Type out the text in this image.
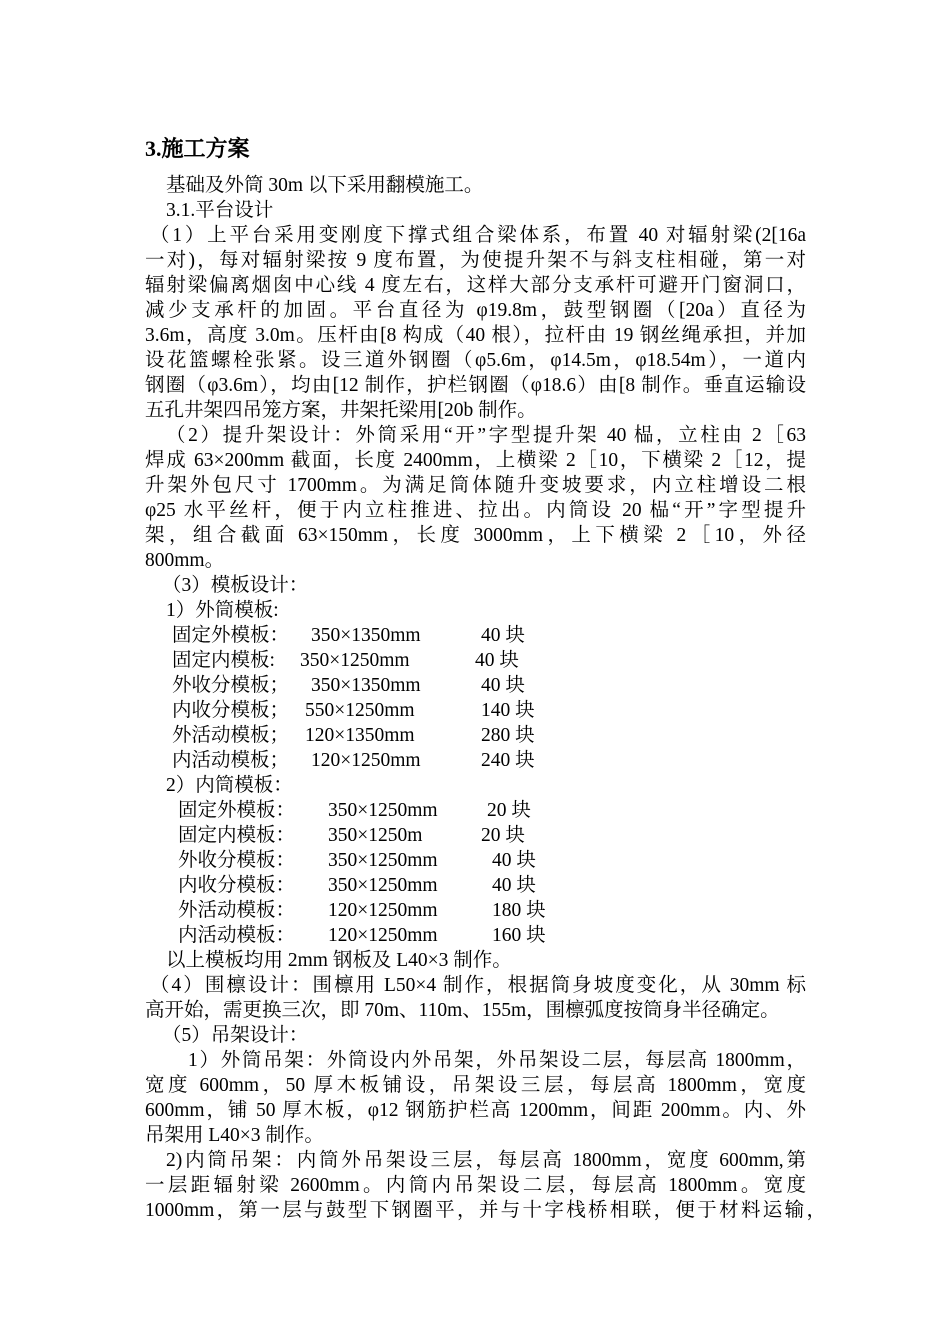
3.施工方案
基础及外筒 30m 以下采用翻模施工。
3.1.平台设计
（1）上平台采用变刚度下撑式组合梁体系，布置 40 对辐射梁(2[16a
一对)，每对辐射梁按 9 度布置，为使提升架不与斜支柱相碰，第一对
辐射梁偏离烟囱中心线 4 度左右，这样大部分支承杆可避开门窗洞口，
减少支承杆的加固。平台直径为 φ19.8m，鼓型钢圈（[20a）直径为
3.6m，高度 3.0m。压杆由[8 构成（40 根），拉杆由 19 钢丝绳承担，并加
设花篮螺栓张紧。设三道外钢圈（φ5.6m，φ14.5m，φ18.54m），一道内
钢圈（φ3.6m），均由[12 制作，护栏钢圈（φ18.6）由[8 制作。垂直运输设
五孔井架四吊笼方案，井架托梁用[20b 制作。
（2）提升架设计：外筒采用“开”字型提升架 40 榀，立柱由 2［63
焊成 63×200mm 截面，长度 2400mm，上横梁 2［10，下横梁 2［12，提
升架外包尺寸 1700mm。为满足筒体随升变坡要求，内立柱增设二根
φ25 水平丝杆，便于内立柱推进、拉出。内筒设 20 榀“开”字型提升
架，组合截面 63×150mm，长度 3000mm，上下横梁 2［10，外径
800mm。
（3）模板设计：
1）外筒模板:
固定外模板： 350×1350mm	40 块
固定内模板: 350×1250mm	40 块
外收分模板； 350×1350mm	40 块
内收分模板； 550×1250mm	140 块
外活动模板； 120×1350mm	280 块
内活动模板； 120×1250mm	240 块
2）内筒模板：
固定外模板： 350×1250mm	20 块
固定内模板： 350×1250m	20 块
外收分模板： 350×1250mm	40 块
内收分模板： 350×1250mm	40 块
外活动模板： 120×1250mm	180 块
内活动模板： 120×1250mm	160 块
以上模板均用 2mm 钢板及 L40×3 制作。
（4）围檩设计：围檩用 L50×4 制作，根据筒身坡度变化，从 30mm 标
高开始，需更换三次，即 70m、110m、155m，围檩弧度按筒身半径确定。
（5）吊架设计：
1）外筒吊架：外筒设内外吊架，外吊架设二层，每层高 1800mm，
宽度 600mm，50 厚木板铺设，吊架设三层，每层高 1800mm，宽度
600mm，铺 50 厚木板，φ12 钢筋护栏高 1200mm，间距 200mm。内、外
吊架用 L40×3 制作。
2)内筒吊架：内筒外吊架设三层，每层高 1800mm，宽度 600mm,第
一层距辐射梁 2600mm。内筒内吊架设二层，每层高 1800mm。宽度
1000mm，第一层与鼓型下钢圈平，并与十字栈桥相联，便于材料运输，
